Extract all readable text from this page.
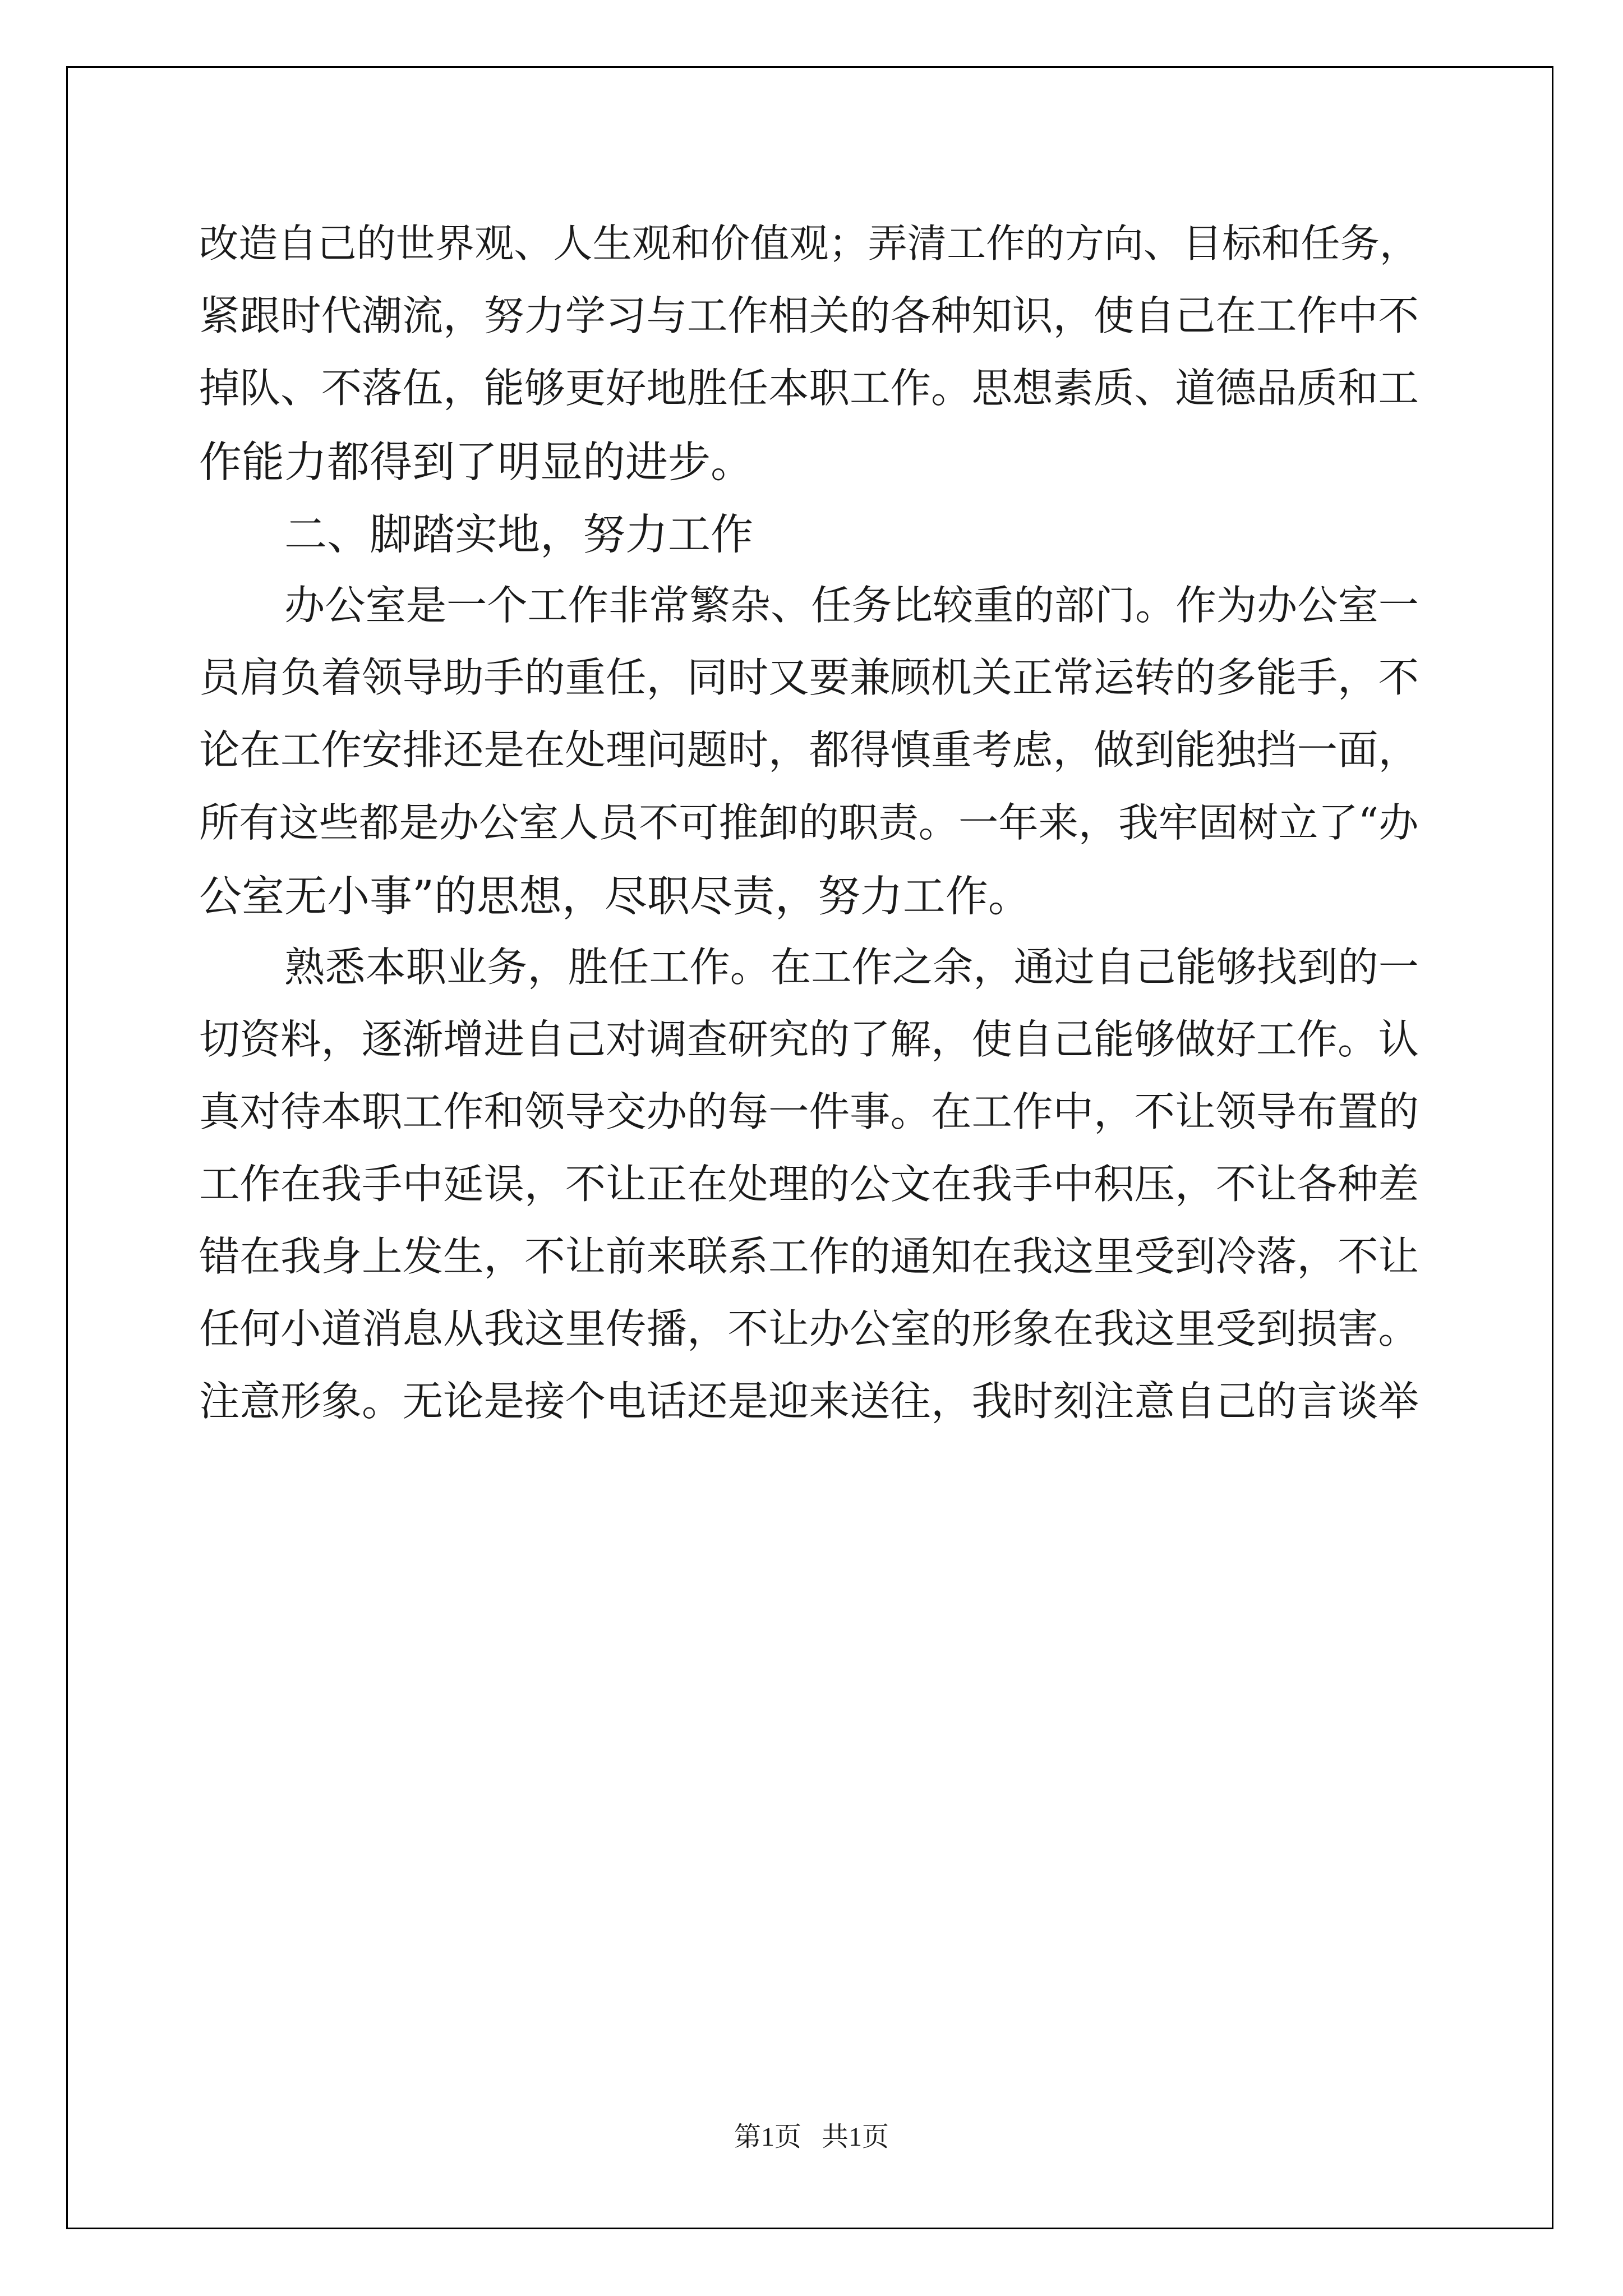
改造自己的世界观、人生观和价值观；弄清工作的方向、目标和任务，
紧跟时代潮流，努力学习与工作相关的各种知识，使自己在工作中不
掉队、不落伍，能够更好地胜任本职工作。思想素质、道德品质和工
作能力都得到了明显的进步。
二、脚踏实地，努力工作
办公室是一个工作非常繁杂、任务比较重的部门。作为办公室一
员肩负着领导助手的重任，同时又要兼顾机关正常运转的多能手，不
论在工作安排还是在处理问题时，都得慎重考虑，做到能独挡一面，
所有这些都是办公室人员不可推卸的职责。一年来，我牢固树立了“办
公室无小事”的思想，尽职尽责，努力工作。
熟悉本职业务，胜任工作。在工作之余，通过自己能够找到的一
切资料，逐渐增进自己对调查研究的了解，使自己能够做好工作。认
真对待本职工作和领导交办的每一件事。在工作中，不让领导布置的
工作在我手中延误，不让正在处理的公文在我手中积压，不让各种差
错在我身上发生，不让前来联系工作的通知在我这里受到冷落，不让
任何小道消息从我这里传播，不让办公室的形象在我这里受到损害。
注意形象。无论是接个电话还是迎来送往，我时刻注意自己的言谈举
第1页   共1页
